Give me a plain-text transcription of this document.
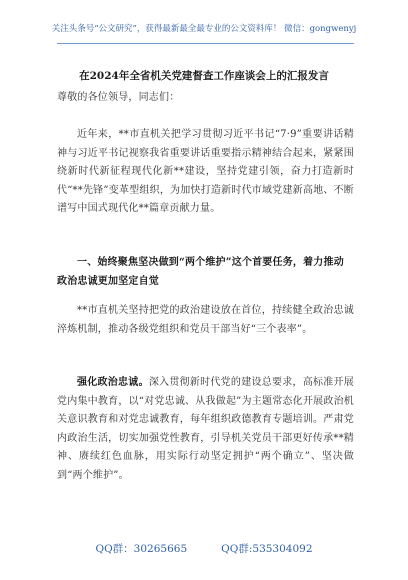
关注头条号“公文研究”，获得最新最全最专业的公文资料库！ 微信：gongwenyj
在2024年全省机关党建督查工作座谈会上的汇报发言
尊敬的各位领导，同志们：
近年来，**市直机关把学习贯彻习近平书记“7·9”重要讲话精神与习近平书记视察我省重要讲话重要指示精神结合起来，紧紧围绕新时代新征程现代化新**建设，坚持党建引领，奋力打造新时代“**先锋”变革型组织，为加快打造新时代市域党建新高地、不断谱写中国式现代化**篇章贡献力量。
一、始终聚焦坚决做到“两个维护”这个首要任务，着力推动政治忠诚更加坚定自觉
**市直机关坚持把党的政治建设放在首位，持续健全政治忠诚淬炼机制，推动各级党组织和党员干部当好“三个表率”。
强化政治忠诚。深入贯彻新时代党的建设总要求，高标准开展党内集中教育，以“对党忠诚、从我做起”为主题常态化开展政治机关意识教育和对党忠诚教育，每年组织政德教育专题培训。严肃党内政治生活，切实加强党性教育，引导机关党员干部更好传承**精神、赓续红色血脉，用实际行动坚定拥护“两个确立”、坚决做到“两个维护”。
QQ群：30265665	QQ群:535304092
